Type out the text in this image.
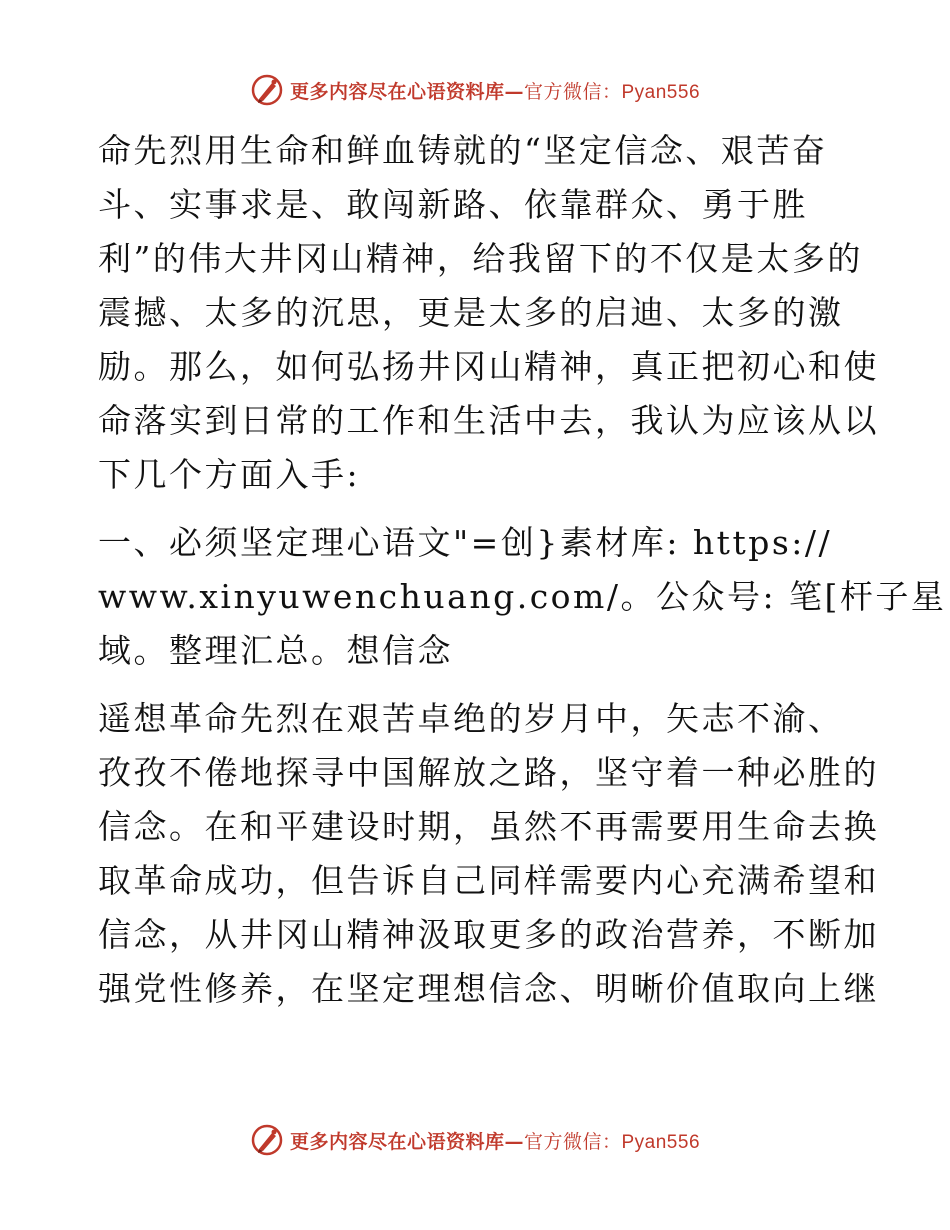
更多内容尽在心语资料库—官方微信：Pyan556

命先烈用生命和鲜血铸就的“坚定信念、艰苦奋
斗、实事求是、敢闯新路、依靠群众、勇于胜
利”的伟大井冈山精神，给我留下的不仅是太多的
震撼、太多的沉思，更是太多的启迪、太多的激
励。那么，如何弘扬井冈山精神，真正把初心和使
命落实到日常的工作和生活中去，我认为应该从以
下几个方面入手:

一、必须坚定理心语文"=创}素材库: https://
www.xinyuwenchuang.com/。公众号: 笔[杆子星
域。整理汇总。想信念

遥想革命先烈在艰苦卓绝的岁月中，矢志不渝、
孜孜不倦地探寻中国解放之路，坚守着一种必胜的
信念。在和平建设时期，虽然不再需要用生命去换
取革命成功，但告诉自己同样需要内心充满希望和
信念，从井冈山精神汲取更多的政治营养，不断加
强党性修养，在坚定理想信念、明晰价值取向上继

更多内容尽在心语资料库—官方微信：Pyan556
